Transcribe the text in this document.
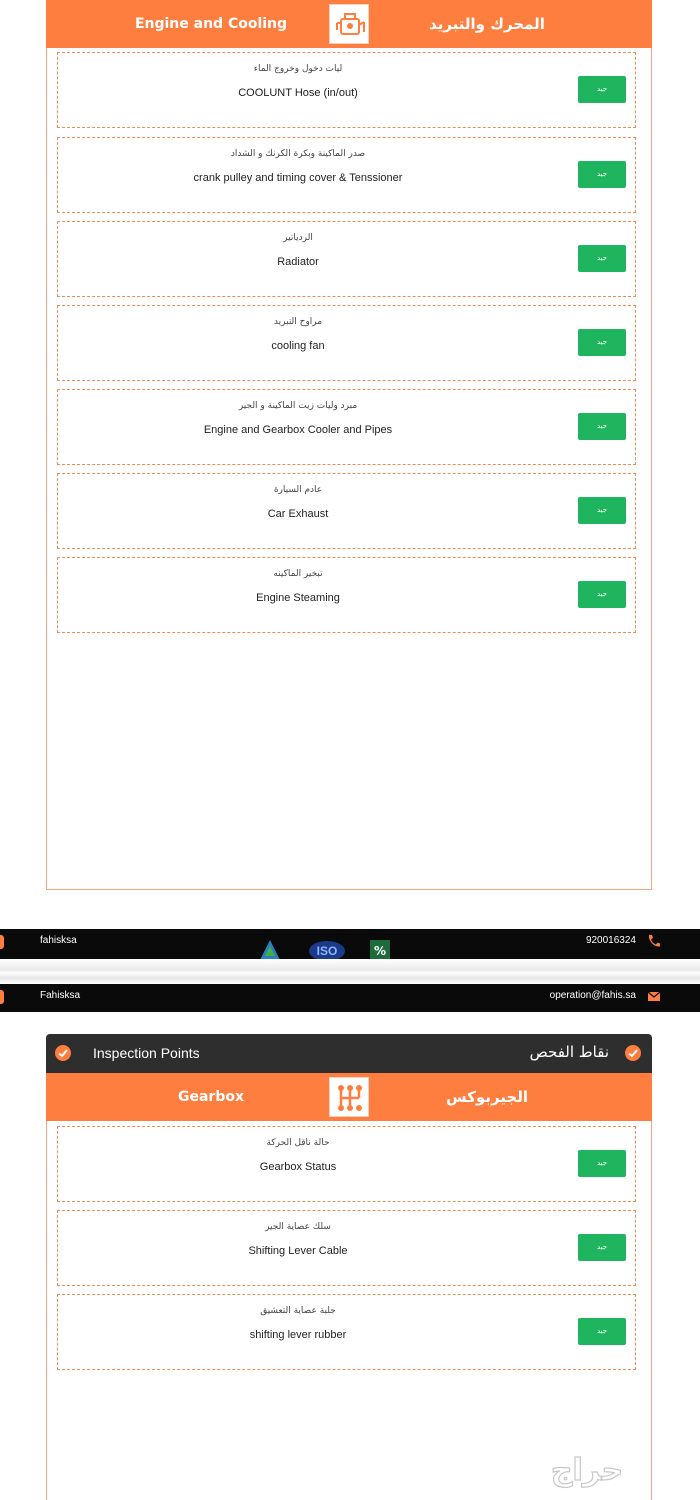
Engine and Cooling	المحرك والتبريد
ليات دخول وخروج الماء
COOLUNT Hose (in/out)	جيد
صدر الماكينة وبكرة الكرنك و الشداد
crank pulley and timing cover & Tenssioner	جيد
الردياتير
Radiator	جيد
مراوح التبريد
cooling fan	جيد
مبرد وليات زيت الماكينة و الجير
Engine and Gearbox Cooler and Pipes	جيد
عادم السيارة
Car Exhaust	جيد
تبخير الماكينه
Engine Steaming	جيد
fahisksa	920016324
ISO	%
Fahisksa	operation@fahis.sa
Inspection Points	نقاط الفحص
Gearbox	الجيربوكس
حالة ناقل الحركة
Gearbox Status	جيد
سلك عصاية الجير
Shifting Lever Cable	جيد
جلبة عصاية التعشيق
shifting lever rubber	جيد
حراج
